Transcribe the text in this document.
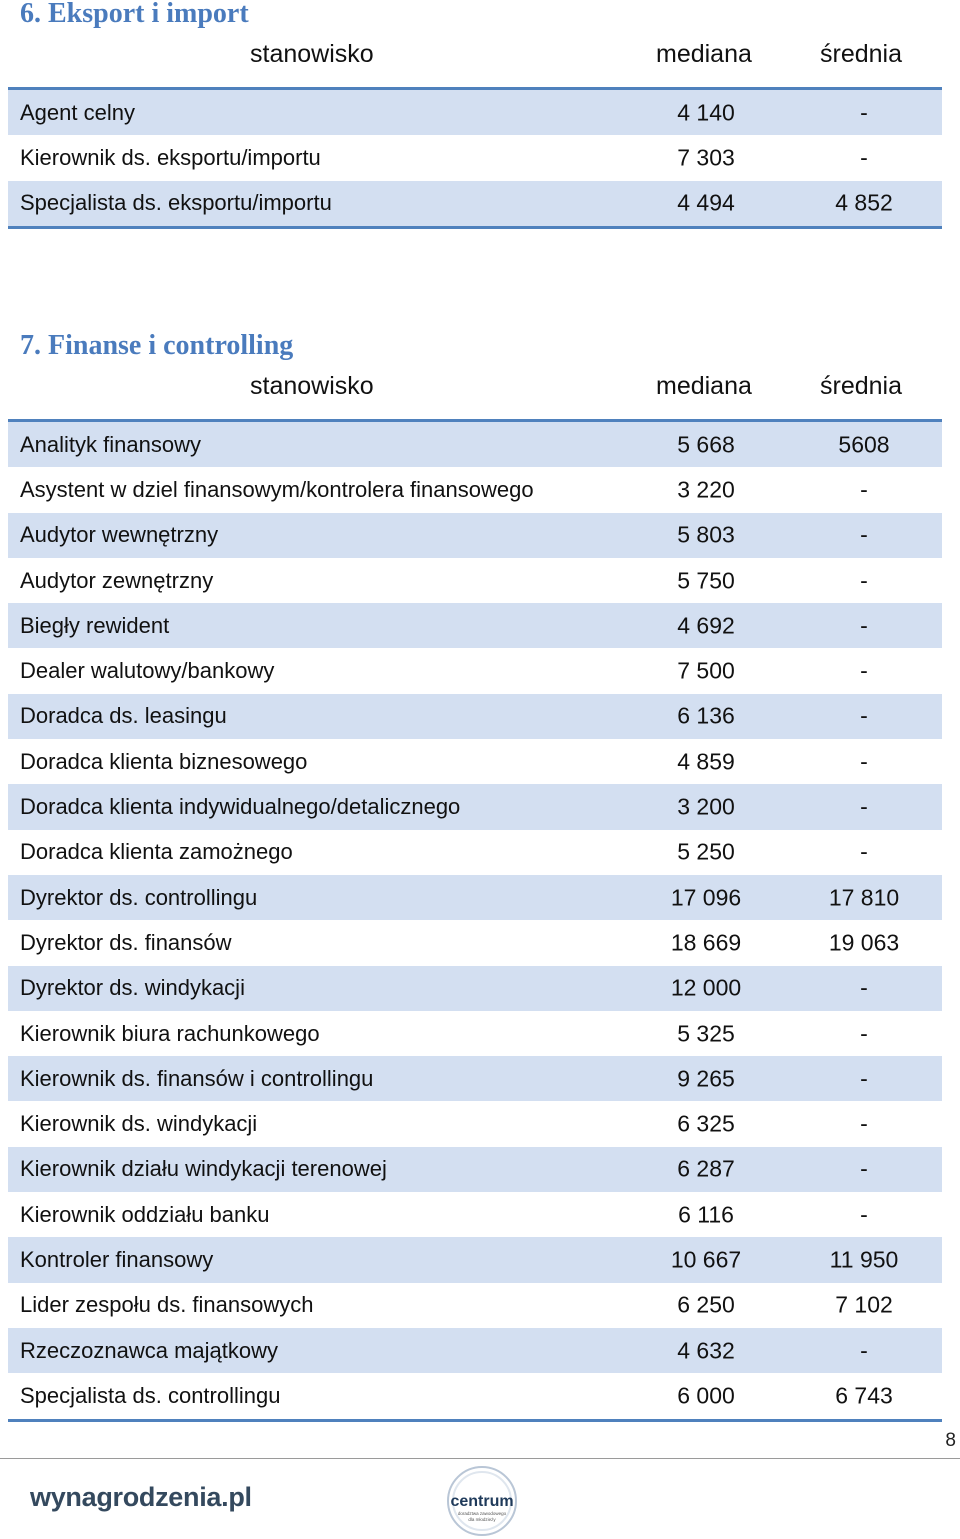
6. Eksport i import
stanowisko	mediana	średnia
Agent celny	4 140	-
Kierownik ds. eksportu/importu	7 303	-
Specjalista ds. eksportu/importu	4 494	4 852
7. Finanse i controlling
stanowisko	mediana	średnia
Analityk finansowy	5 668	5608
Asystent w dziel finansowym/kontrolera finansowego	3 220	-
Audytor wewnętrzny	5 803	-
Audytor zewnętrzny	5 750	-
Biegły rewident	4 692	-
Dealer walutowy/bankowy	7 500	-
Doradca ds. leasingu	6 136	-
Doradca klienta biznesowego	4 859	-
Doradca klienta indywidualnego/detalicznego	3 200	-
Doradca klienta zamożnego	5 250	-
Dyrektor ds. controllingu	17 096	17 810
Dyrektor ds. finansów	18 669	19 063
Dyrektor ds. windykacji	12 000	-
Kierownik biura rachunkowego	5 325	-
Kierownik ds. finansów i controllingu	9 265	-
Kierownik ds. windykacji	6 325	-
Kierownik działu windykacji terenowej	6 287	-
Kierownik oddziału banku	6 116	-
Kontroler finansowy	10 667	11 950
Lider zespołu ds. finansowych	6 250	7 102
Rzeczoznawca majątkowy	4 632	-
Specjalista ds. controllingu	6 000	6 743
8
wynagrodzenia.pl	centrum
doradztwa zawodowego
dla młodzieży
